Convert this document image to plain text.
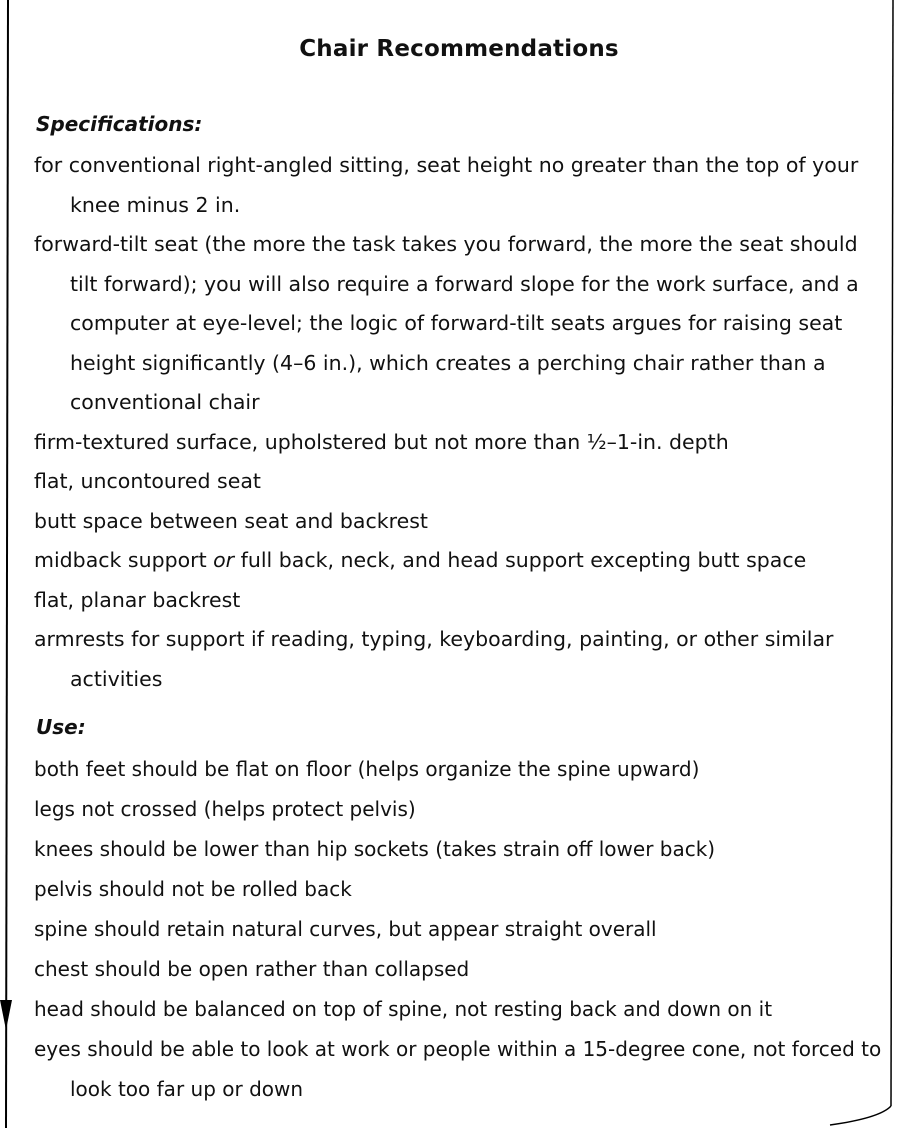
Chair Recommendations
Specifications:
for conventional right-angled sitting, seat height no greater than the top of your knee minus 2 in.
forward-tilt seat (the more the task takes you forward, the more the seat should tilt forward); you will also require a forward slope for the work surface, and a computer at eye-level; the logic of forward-tilt seats argues for raising seat height significantly (4–6 in.), which creates a perching chair rather than a conventional chair
firm-textured surface, upholstered but not more than ½–1-in. depth
flat, uncontoured seat
butt space between seat and backrest
midback support or full back, neck, and head support excepting butt space
flat, planar backrest
armrests for support if reading, typing, keyboarding, painting, or other similar activities
Use:
both feet should be flat on floor (helps organize the spine upward)
legs not crossed (helps protect pelvis)
knees should be lower than hip sockets (takes strain off lower back)
pelvis should not be rolled back
spine should retain natural curves, but appear straight overall
chest should be open rather than collapsed
head should be balanced on top of spine, not resting back and down on it
eyes should be able to look at work or people within a 15-degree cone, not forced to look too far up or down
